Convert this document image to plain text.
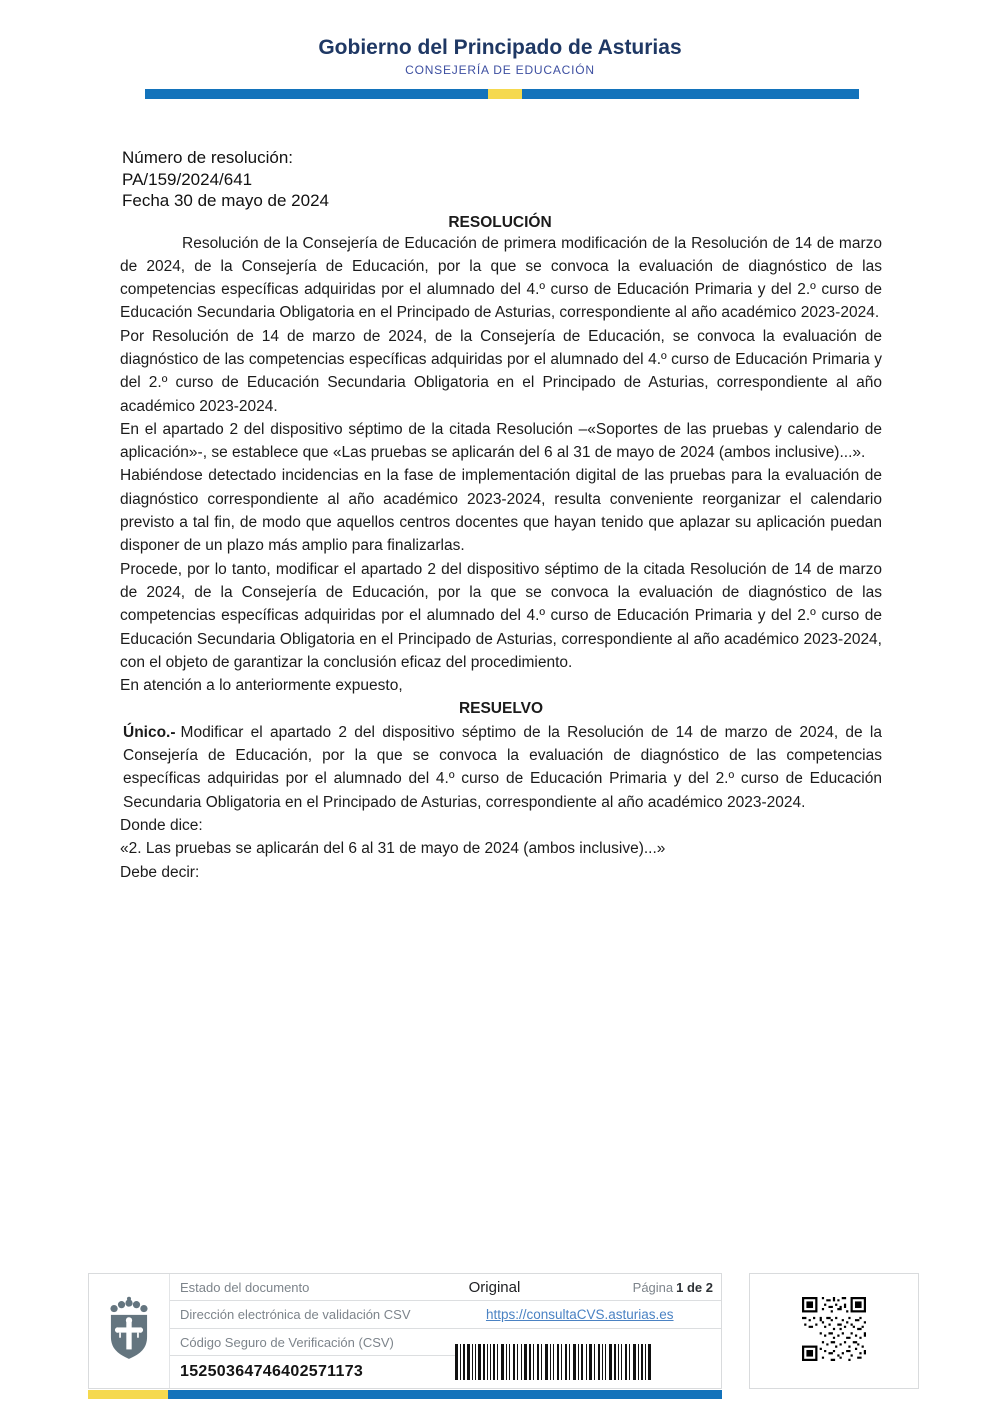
Gobierno del Principado de Asturias
CONSEJERÍA DE EDUCACIÓN
Número de resolución:
PA/159/2024/641
Fecha 30 de mayo de 2024
RESOLUCIÓN

Resolución de la Consejería de Educación de primera modificación de la Resolución de 14 de marzo de 2024, de la Consejería de Educación, por la que se convoca la evaluación de diagnóstico de las competencias específicas adquiridas por el alumnado del 4.º curso de Educación Primaria y del 2.º curso de Educación Secundaria Obligatoria en el Principado de Asturias, correspondiente al año académico 2023-2024.

Por Resolución de 14 de marzo de 2024, de la Consejería de Educación, se convoca la evaluación de diagnóstico de las competencias específicas adquiridas por el alumnado del 4.º curso de Educación Primaria y del 2.º curso de Educación Secundaria Obligatoria en el Principado de Asturias, correspondiente al año académico 2023-2024.

En el apartado 2 del dispositivo séptimo de la citada Resolución –«Soportes de las pruebas y calendario de aplicación»-, se establece que «Las pruebas se aplicarán del 6 al 31 de mayo de 2024 (ambos inclusive)...».

Habiéndose detectado incidencias en la fase de implementación digital de las pruebas para la evaluación de diagnóstico correspondiente al año académico 2023-2024, resulta conveniente reorganizar el calendario previsto a tal fin, de modo que aquellos centros docentes que hayan tenido que aplazar su aplicación puedan disponer de un plazo más amplio para finalizarlas.

Procede, por lo tanto, modificar el apartado 2 del dispositivo séptimo de la citada Resolución de 14 de marzo de 2024, de la Consejería de Educación, por la que se convoca la evaluación de diagnóstico de las competencias específicas adquiridas por el alumnado del 4.º curso de Educación Primaria y del 2.º curso de Educación Secundaria Obligatoria en el Principado de Asturias, correspondiente al año académico 2023-2024, con el objeto de garantizar la conclusión eficaz del procedimiento.

En atención a lo anteriormente expuesto,

RESUELVO

Único.- Modificar el apartado 2 del dispositivo séptimo de la Resolución de 14 de marzo de 2024, de la Consejería de Educación, por la que se convoca la evaluación de diagnóstico de las competencias específicas adquiridas por el alumnado del 4.º curso de Educación Primaria y del 2.º curso de Educación Secundaria Obligatoria en el Principado de Asturias, correspondiente al año académico 2023-2024.

Donde dice:

«2. Las pruebas se aplicarán del 6 al 31 de mayo de 2024 (ambos inclusive)...»

Debe decir:

Estado del documento	Original	Página 1 de 2
Dirección electrónica de validación CSV	https://consultaCVS.asturias.es
Código Seguro de Verificación (CSV)
15250364746402571173
